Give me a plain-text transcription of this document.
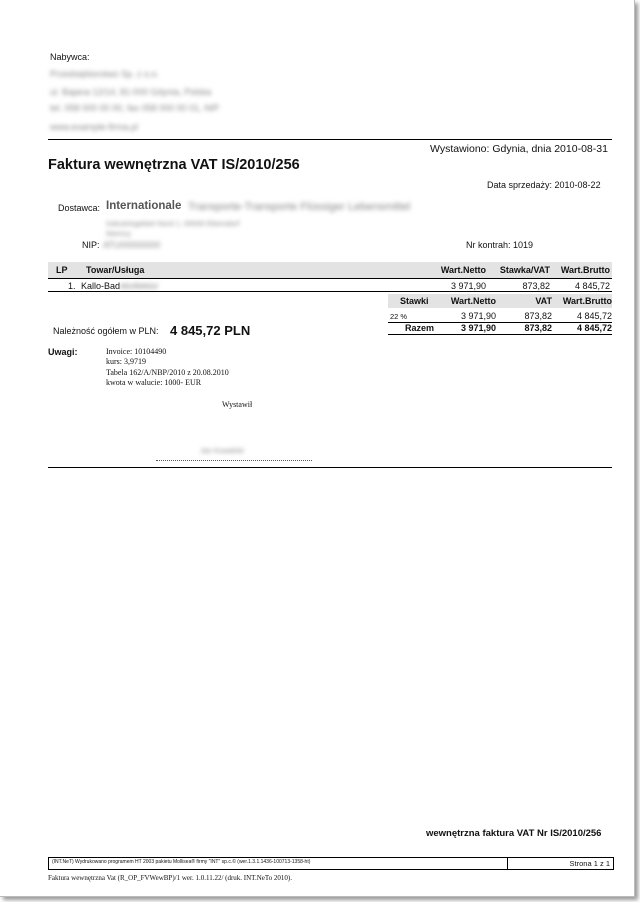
Nabywca:
Przedsiębiorstwo Sp. z o.o.
ul. Bajana 12/14, 81-000 Gdynia, Polska
tel. 058 000 00 00, fax 058 000 00 01, NIP
www.example-firma.pl
Wystawiono: Gdynia, dnia 2010-08-31
Faktura wewnętrzna VAT IS/2010/256
Data sprzedaży: 2010-08-22
Dostawca: Internationale Transporte-Transporte Flüssiger Lebensmittel
Industriegebiet Nord 1, 00000 Ebersdorf
Niemcy
NIP: ATU00000000	Nr kontrah: 1019
LP Towar/Usługa	Wart.Netto	Stawka/VAT	Wart.Brutto
1. Kallo-Bad ekollektor	3 971,90	873,82	4 845,72
Stawki	Wart.Netto	VAT	Wart.Brutto
22 %	3 971,90	873,82	4 845,72
Razem	3 971,90	873,82	4 845,72
Należność ogółem w PLN: 4 845,72 PLN
Uwagi:	Invoice: 10104490
kurs: 3,9719
Tabela 162/A/NBP/2010 z 20.08.2010
kwota w walucie: 1000- EUR
Wystawił
Jan Kowalski
wewnętrzna faktura VAT Nr IS/2010/256
(INT.NeT) Wydrukowano programem HT 2003 pakietu Mollisea® firmy "INT" sp.c.© (wer.1.3.1.1436-100713-1358-ht)	Strona 1 z 1
Faktura wewnętrzna Vat (R_OP_FVWewBP)/1 wer. 1.0.11.22/ (druk. INT.NeTo 2010).
